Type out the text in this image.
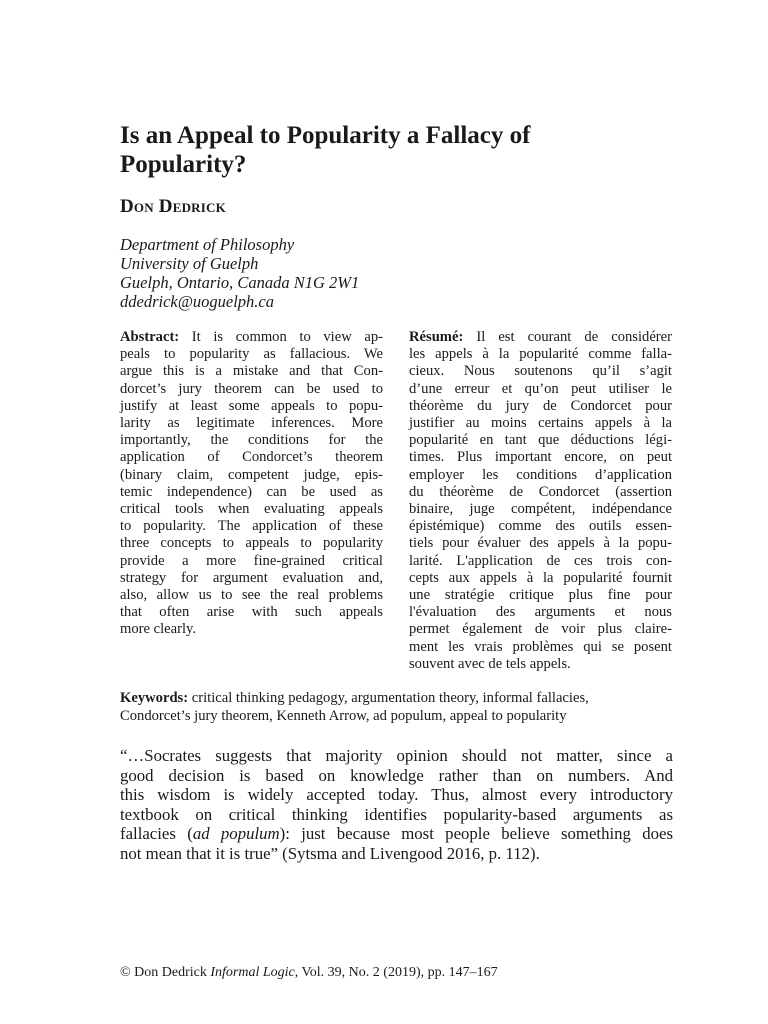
Is an Appeal to Popularity a Fallacy of
Popularity?
Don Dedrick
Department of Philosophy
University of Guelph
Guelph, Ontario, Canada N1G 2W1
ddedrick@uoguelph.ca
Abstract: It is common to view ap-
peals to popularity as fallacious. We
argue this is a mistake and that Con-
dorcet’s jury theorem can be used to
justify at least some appeals to popu-
larity as legitimate inferences. More
importantly, the conditions for the
application of Condorcet’s theorem
(binary claim, competent judge, epis-
temic independence) can be used as
critical tools when evaluating appeals
to popularity. The application of these
three concepts to appeals to popularity
provide a more fine-grained critical
strategy for argument evaluation and,
also, allow us to see the real problems
that often arise with such appeals
more clearly.
Résumé: Il est courant de considérer
les appels à la popularité comme falla-
cieux. Nous soutenons qu’il s’agit
d’une erreur et qu’on peut utiliser le
théorème du jury de Condorcet pour
justifier au moins certains appels à la
popularité en tant que déductions légi-
times. Plus important encore, on peut
employer les conditions d’application
du théorème de Condorcet (assertion
binaire, juge compétent, indépendance
épistémique) comme des outils essen-
tiels pour évaluer des appels à la popu-
larité. L'application de ces trois con-
cepts aux appels à la popularité fournit
une stratégie critique plus fine pour
l'évaluation des arguments et nous
permet également de voir plus claire-
ment les vrais problèmes qui se posent
souvent avec de tels appels.
Keywords: critical thinking pedagogy, argumentation theory, informal fallacies,
Condorcet’s jury theorem, Kenneth Arrow, ad populum, appeal to popularity
“…Socrates suggests that majority opinion should not matter, since a
good decision is based on knowledge rather than on numbers. And
this wisdom is widely accepted today. Thus, almost every introductory
textbook on critical thinking identifies popularity-based arguments as
fallacies (ad populum): just because most people believe something does
not mean that it is true” (Sytsma and Livengood 2016, p. 112).
© Don Dedrick Informal Logic, Vol. 39, No. 2 (2019), pp. 147–167
